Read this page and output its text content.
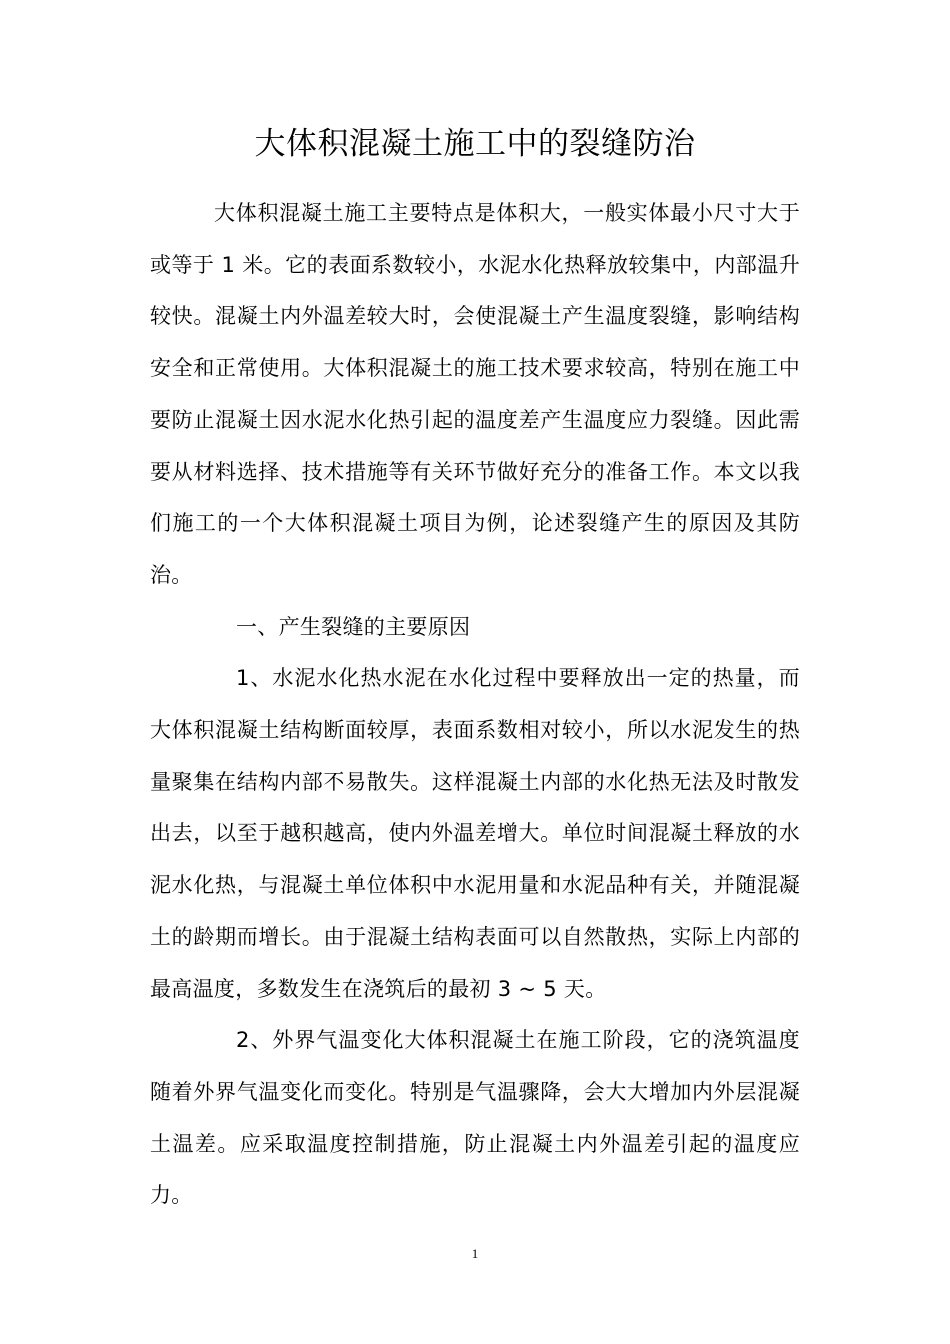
大体积混凝土施工中的裂缝防治

大体积混凝土施工主要特点是体积大，一般实体最小尺寸大于或等于 1 米。它的表面系数较小，水泥水化热释放较集中，内部温升较快。混凝土内外温差较大时，会使混凝土产生温度裂缝，影响结构安全和正常使用。大体积混凝土的施工技术要求较高，特别在施工中要防止混凝土因水泥水化热引起的温度差产生温度应力裂缝。因此需要从材料选择、技术措施等有关环节做好充分的准备工作。本文以我们施工的一个大体积混凝土项目为例，论述裂缝产生的原因及其防治。

一、产生裂缝的主要原因

1、水泥水化热水泥在水化过程中要释放出一定的热量，而大体积混凝土结构断面较厚，表面系数相对较小，所以水泥发生的热量聚集在结构内部不易散失。这样混凝土内部的水化热无法及时散发出去，以至于越积越高，使内外温差增大。单位时间混凝土释放的水泥水化热，与混凝土单位体积中水泥用量和水泥品种有关，并随混凝土的龄期而增长。由于混凝土结构表面可以自然散热，实际上内部的最高温度，多数发生在浇筑后的最初 3 ~ 5 天。

2、外界气温变化大体积混凝土在施工阶段，它的浇筑温度随着外界气温变化而变化。特别是气温骤降，会大大增加内外层混凝土温差。应采取温度控制措施，防止混凝土内外温差引起的温度应力。

1
